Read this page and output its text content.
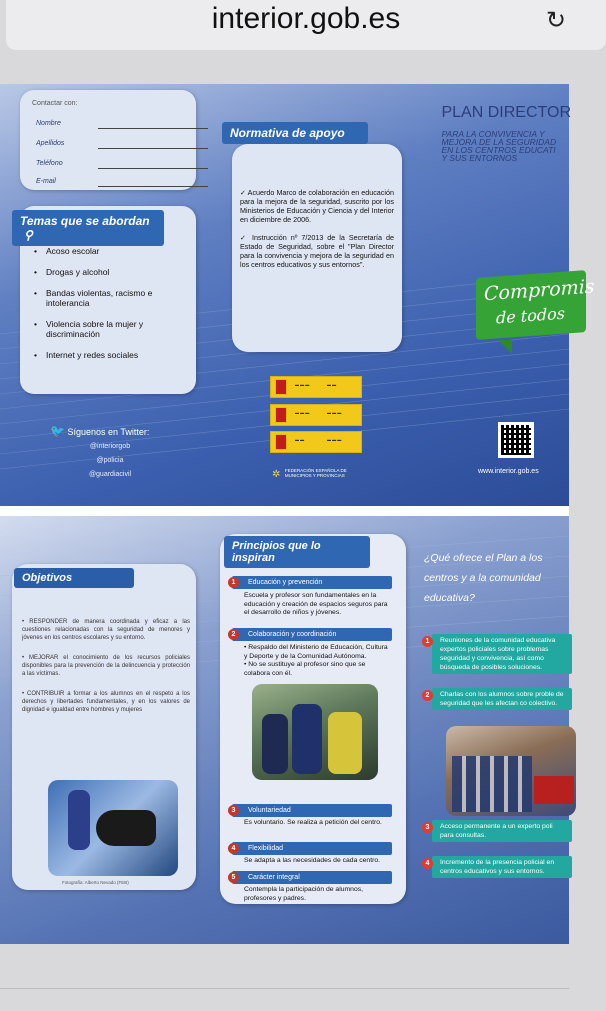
interior.gob.es	↻
Contactar con:
Nombre
Apellidos
Teléfono
E-mail
• Acoso escolar
• Drogas y alcohol
• Bandas violentas, racismo e intolerancia
• Violencia sobre la mujer y discriminación
• Internet y redes sociales
Temas que se abordan ⚲
🐦 Síguenos en Twitter:
@interiorgob
@policia
@guardiacivil
✓ Acuerdo Marco de colaboración en educación para la mejora de la seguridad, suscrito por los Ministerios de Educación y Ciencia y del Interior en diciembre de 2006.
✓ Instrucción nº 7/2013 de la Secretaría de Estado de Seguridad, sobre el "Plan Director para la convivencia y mejora de la seguridad en los centros educativos y sus entornos".
Normativa de apoyo
▬ ▬ ▬	▬ ▬
▬ ▬ ▬	▬ ▬ ▬
▬ ▬	▬ ▬ ▬
✲ FEDERACIÓN ESPAÑOLA DE MUNICIPIOS Y PROVINCIAS
PLAN DIRECTOR
PARA LA CONVIVENCIA Y
MEJORA DE LA SEGURIDAD
EN LOS CENTROS EDUCATI
Y SUS ENTORNOS
Compromis
de todos
www.interior.gob.es
• RESPONDER de manera coordinada y eficaz a las cuestiones relacionadas con la seguridad de menores y jóvenes en los centros escolares y su entorno.
• MEJORAR el conocimiento de los recursos policiales disponibles para la prevención de la delincuencia y protección a las víctimas.
• CONTRIBUIR a formar a los alumnos en el respeto a los derechos y libertades fundamentales, y en los valores de dignidad e igualdad entre hombres y mujeres
Fotografía: Alberto Nevado (FEB)
Objetivos
Principios que lo inspiran
1	Educación y prevención
Escuela y profesor son fundamentales en la educación y creación de espacios seguros para el desarrollo de niños y jóvenes.
2	Colaboración y coordinación
• Respaldo del Ministerio de Educación, Cultura y Deporte y de la Comunidad Autónoma.
• No se sustituye al profesor sino que se colabora con él.
3	Voluntariedad
Es voluntario. Se realiza a petición del centro.
4	Flexibilidad
Se adapta a las necesidades de cada centro.
5	Carácter integral
Contempla la participación de alumnos, profesores y padres.
¿Qué ofrece el Plan a los
centros y a la comunidad
educativa?
1	Reuniones de la comunidad educativa expertos policiales sobre problemas seguridad y convivencia, así como búsqueda de posibles soluciones.
2	Charlas con los alumnos sobre proble de seguridad que les afectan co colectivo.
3	Acceso permanente a un experto poli para consultas.
4	Incremento de la presencia policial en centros educativos y sus entornos.
